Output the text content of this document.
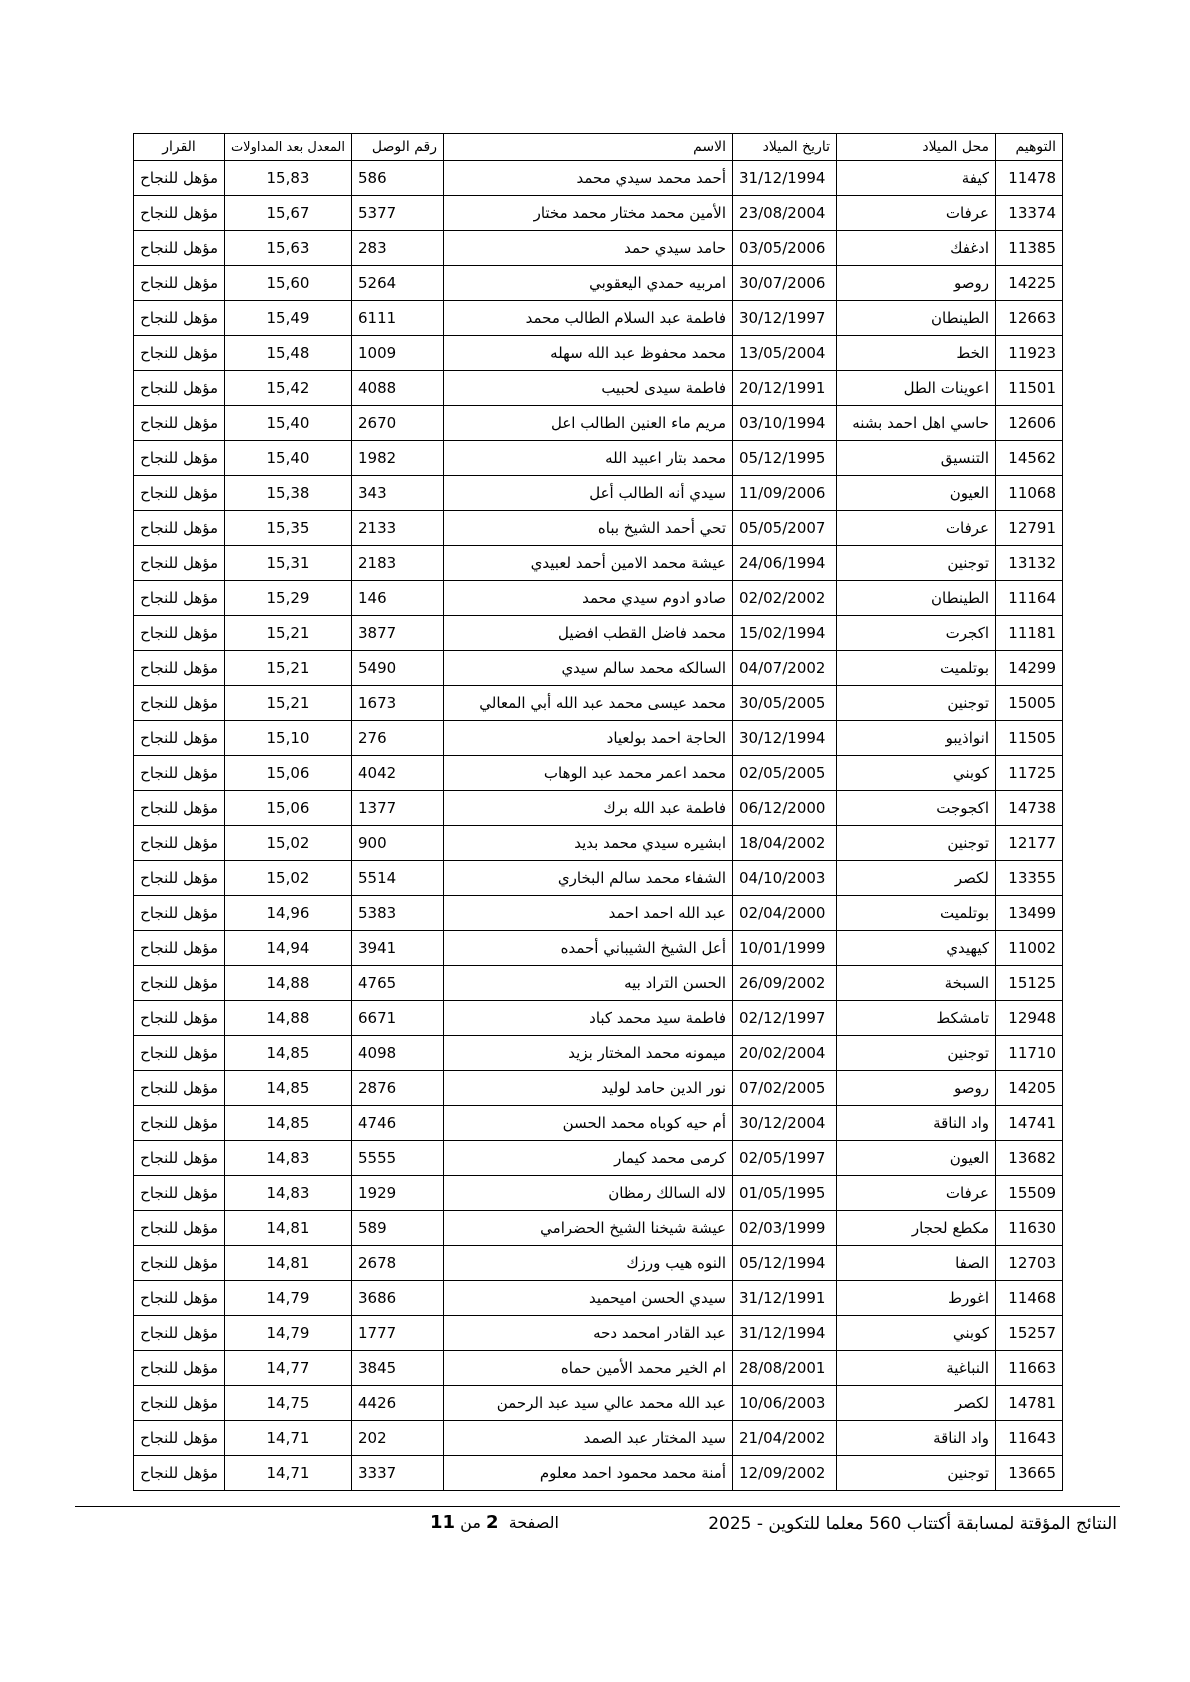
التوهيم	محل الميلاد	تاريخ الميلاد	الاسم	رقم الوصل	المعدل بعد المداولات	القرار
11478	كيفة	31/12/1994	أحمد محمد سيدي محمد	586	15,83	مؤهل للنجاح
13374	عرفات	23/08/2004	الأمين محمد مختار محمد مختار	5377	15,67	مؤهل للنجاح
11385	ادغفك	03/05/2006	حامد سيدي حمد	283	15,63	مؤهل للنجاح
14225	روصو	30/07/2006	امربيه حمدي اليعقوبي	5264	15,60	مؤهل للنجاح
12663	الطينطان	30/12/1997	فاطمة عبد السلام الطالب محمد	6111	15,49	مؤهل للنجاح
11923	الخط	13/05/2004	محمد محفوظ عبد الله سهله	1009	15,48	مؤهل للنجاح
11501	اعوينات الطل	20/12/1991	فاطمة سيدى لحبيب	4088	15,42	مؤهل للنجاح
12606	حاسي اهل احمد بشنه	03/10/1994	مريم ماء العنين الطالب اعل	2670	15,40	مؤهل للنجاح
14562	التنسيق	05/12/1995	محمد بتار اعبيد الله	1982	15,40	مؤهل للنجاح
11068	العيون	11/09/2006	سيدي أنه الطالب أعل	343	15,38	مؤهل للنجاح
12791	عرفات	05/05/2007	تحي أحمد الشيخ بباه	2133	15,35	مؤهل للنجاح
13132	توجنين	24/06/1994	عيشة محمد الامين أحمد لعبيدي	2183	15,31	مؤهل للنجاح
11164	الطينطان	02/02/2002	صادو ادوم سيدي محمد	146	15,29	مؤهل للنجاح
11181	اكجرت	15/02/1994	محمد فاضل القطب افضيل	3877	15,21	مؤهل للنجاح
14299	بوتلميت	04/07/2002	السالكه محمد سالم سيدي	5490	15,21	مؤهل للنجاح
15005	توجنين	30/05/2005	محمد عيسى محمد عبد الله أبي المعالي	1673	15,21	مؤهل للنجاح
11505	انواذيبو	30/12/1994	الحاجة احمد بولعياد	276	15,10	مؤهل للنجاح
11725	كوبني	02/05/2005	محمد اعمر محمد عبد الوهاب	4042	15,06	مؤهل للنجاح
14738	اكجوجت	06/12/2000	فاطمة عبد الله برك	1377	15,06	مؤهل للنجاح
12177	توجنين	18/04/2002	ابشيره سيدي محمد بديد	900	15,02	مؤهل للنجاح
13355	لكصر	04/10/2003	الشفاء محمد سالم البخاري	5514	15,02	مؤهل للنجاح
13499	بوتلميت	02/04/2000	عبد الله احمد احمد	5383	14,96	مؤهل للنجاح
11002	كيهيدي	10/01/1999	أعل الشيخ الشيباني أحمده	3941	14,94	مؤهل للنجاح
15125	السبخة	26/09/2002	الحسن التراد بيه	4765	14,88	مؤهل للنجاح
12948	تامشكط	02/12/1997	فاطمة سيد محمد كباد	6671	14,88	مؤهل للنجاح
11710	توجنين	20/02/2004	ميمونه محمد المختار بزيد	4098	14,85	مؤهل للنجاح
14205	روصو	07/02/2005	نور الدين حامد لوليد	2876	14,85	مؤهل للنجاح
14741	واد الناقة	30/12/2004	أم حيه كوباه محمد الحسن	4746	14,85	مؤهل للنجاح
13682	العيون	02/05/1997	كرمى محمد كيمار	5555	14,83	مؤهل للنجاح
15509	عرفات	01/05/1995	لاله السالك رمظان	1929	14,83	مؤهل للنجاح
11630	مكطع لحجار	02/03/1999	عيشة شيخنا الشيخ الحضرامي	589	14,81	مؤهل للنجاح
12703	الصفا	05/12/1994	النوه هيب ورزك	2678	14,81	مؤهل للنجاح
11468	اغورط	31/12/1991	سيدي الحسن اميحميد	3686	14,79	مؤهل للنجاح
15257	كوبني	31/12/1994	عبد القادر امحمد دحه	1777	14,79	مؤهل للنجاح
11663	النباغية	28/08/2001	ام الخير محمد الأمين حماه	3845	14,77	مؤهل للنجاح
14781	لكصر	10/06/2003	عبد الله محمد عالي سيد عبد الرحمن	4426	14,75	مؤهل للنجاح
11643	واد الناقة	21/04/2002	سيد المختار عبد الصمد	202	14,71	مؤهل للنجاح
13665	توجنين	12/09/2002	أمنة محمد محمود احمد معلوم	3337	14,71	مؤهل للنجاح
النتائج المؤقتة لمسابقة أكتتاب 560 معلما للتكوين - 2025
الصفحة  2 من 11
